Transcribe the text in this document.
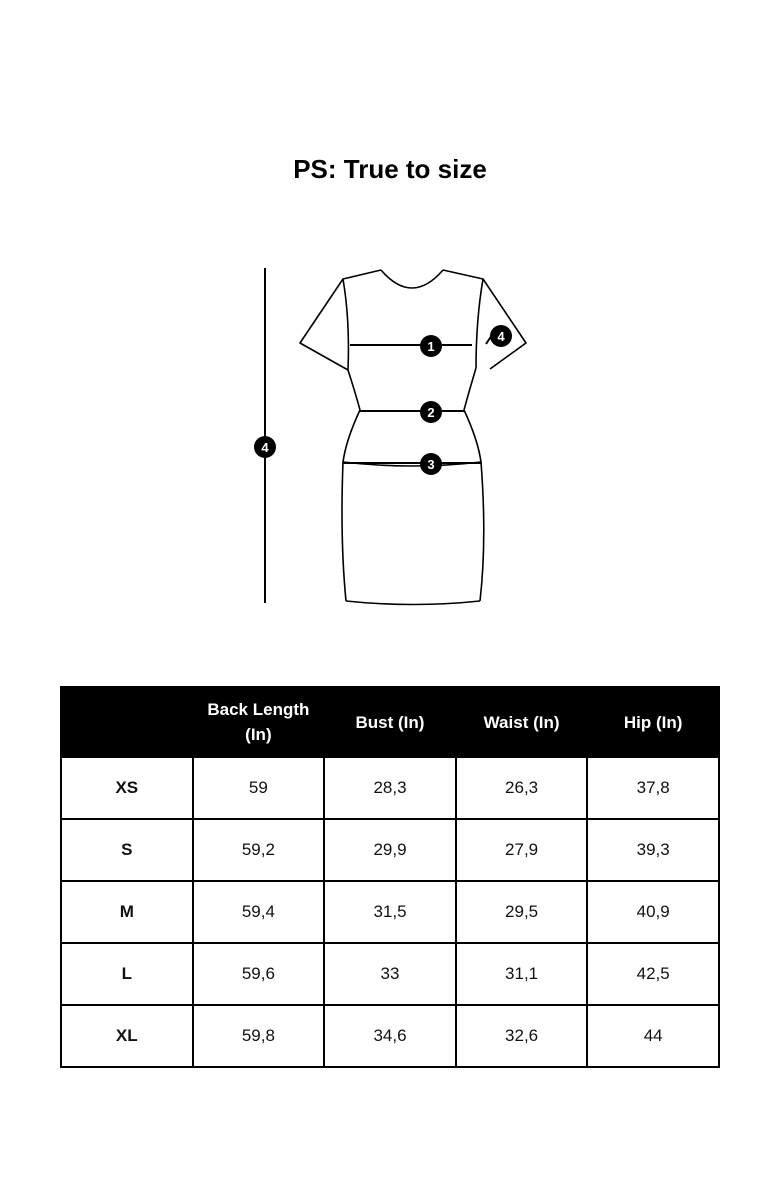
PS: True to size
1
2
3
4
4
	Back Length (In)	Bust (In)	Waist (In)	Hip (In)
XS	59	28,3	26,3	37,8
S	59,2	29,9	27,9	39,3
M	59,4	31,5	29,5	40,9
L	59,6	33	31,1	42,5
XL	59,8	34,6	32,6	44
